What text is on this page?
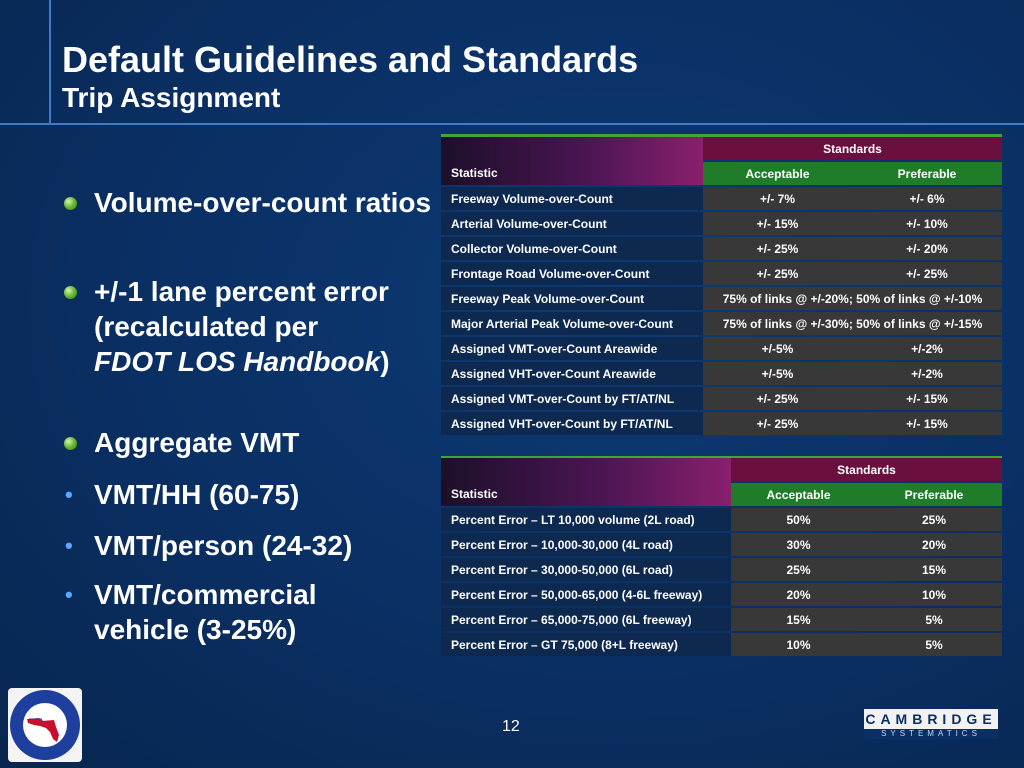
Default Guidelines and Standards
Trip Assignment
Volume-over-count ratios
+/-1 lane percent error
(recalculated per
FDOT LOS Handbook)
Aggregate VMT
• VMT/HH (60-75)
• VMT/person (24-32)
• VMT/commercial
vehicle (3-25%)
Statistic	Standards	
	Acceptable	Preferable
Freeway Volume-over-Count	+/- 7%	+/- 6%
Arterial Volume-over-Count	+/- 15%	+/- 10%
Collector Volume-over-Count	+/- 25%	+/- 20%
Frontage Road Volume-over-Count	+/- 25%	+/- 25%
Freeway Peak Volume-over-Count	75% of links @ +/-20%; 50% of links @ +/-10%	
Major Arterial Peak Volume-over-Count	75% of links @ +/-30%; 50% of links @ +/-15%	
Assigned VMT-over-Count Areawide	+/-5%	+/-2%
Assigned VHT-over-Count Areawide	+/-5%	+/-2%
Assigned VMT-over-Count by FT/AT/NL	+/- 25%	+/- 15%
Assigned VHT-over-Count by FT/AT/NL	+/- 25%	+/- 15%
Statistic	Standards	
	Acceptable	Preferable
Percent Error – LT 10,000 volume (2L road)	50%	25%
Percent Error – 10,000-30,000 (4L road)	30%	20%
Percent Error – 30,000-50,000 (6L road)	25%	15%
Percent Error – 50,000-65,000 (4-6L freeway)	20%	10%
Percent Error – 65,000-75,000 (6L freeway)	15%	5%
Percent Error – GT 75,000 (8+L freeway)	10%	5%
12	CAMBRIDGE
SYSTEMATICS
